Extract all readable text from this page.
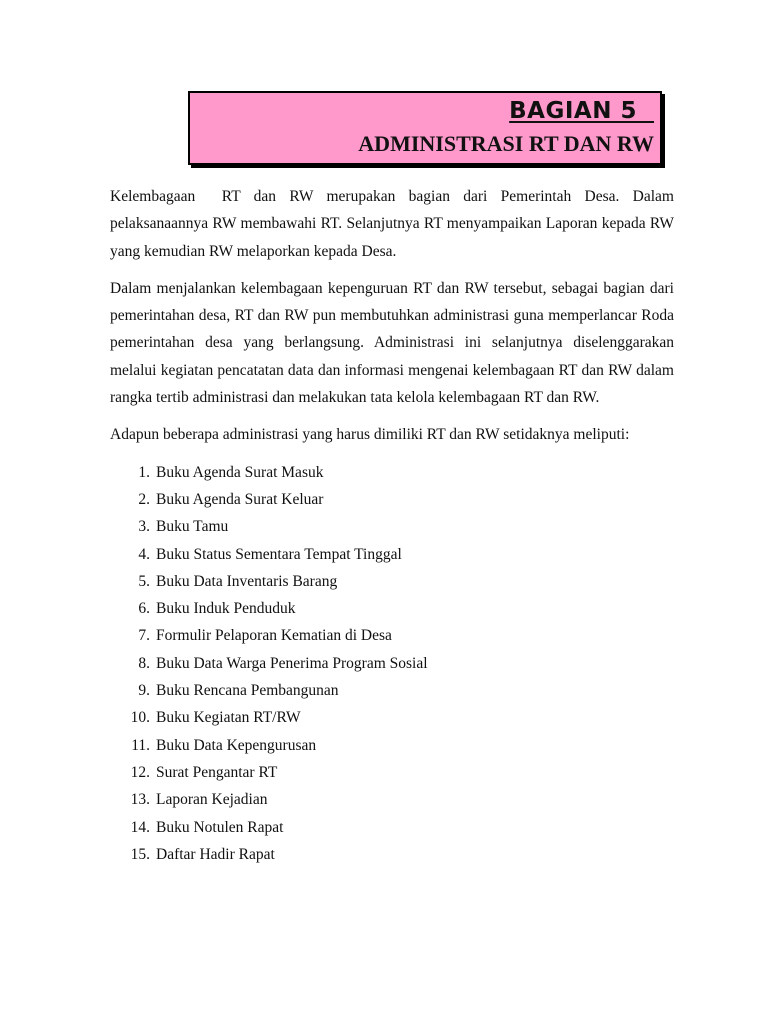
BAGIAN 5
ADMINISTRASI RT DAN RW

Kelembagaan  RT dan RW merupakan bagian dari Pemerintah Desa. Dalam pelaksanaannya RW membawahi RT. Selanjutnya RT menyampaikan Laporan kepada RW yang kemudian RW melaporkan kepada Desa.

Dalam menjalankan kelembagaan kepenguruan RT dan RW tersebut, sebagai bagian dari pemerintahan desa, RT dan RW pun membutuhkan administrasi guna memperlancar Roda pemerintahan desa yang berlangsung. Administrasi ini selanjutnya diselenggarakan melalui kegiatan pencatatan data dan informasi mengenai kelembagaan RT dan RW dalam rangka tertib administrasi dan melakukan tata kelola kelembagaan RT dan RW.

Adapun beberapa administrasi yang harus dimiliki RT dan RW setidaknya meliputi:

1. Buku Agenda Surat Masuk
2. Buku Agenda Surat Keluar
3. Buku Tamu
4. Buku Status Sementara Tempat Tinggal
5. Buku Data Inventaris Barang
6. Buku Induk Penduduk
7. Formulir Pelaporan Kematian di Desa
8. Buku Data Warga Penerima Program Sosial
9. Buku Rencana Pembangunan
10. Buku Kegiatan RT/RW
11. Buku Data Kepengurusan
12. Surat Pengantar RT
13. Laporan Kejadian
14. Buku Notulen Rapat
15. Daftar Hadir Rapat
